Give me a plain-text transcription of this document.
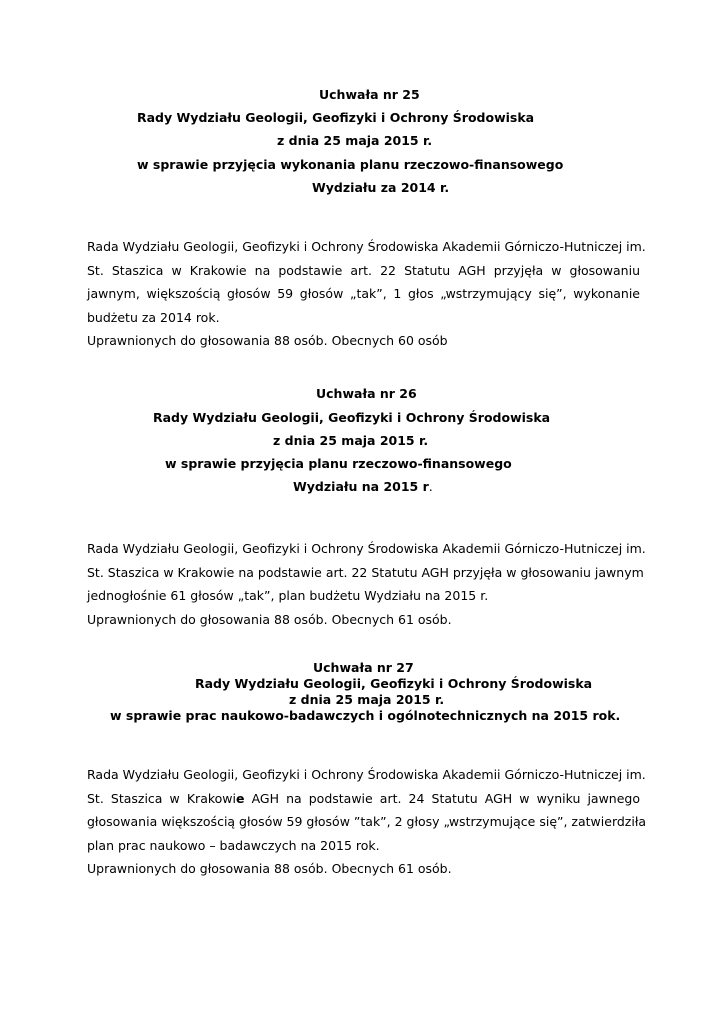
Uchwała nr 25
Rady Wydziału Geologii, Geofizyki i Ochrony Środowiska
z dnia 25 maja 2015 r.
w sprawie przyjęcia wykonania planu rzeczowo-finansowego
Wydziału za 2014 r.
Rada Wydziału Geologii, Geofizyki i Ochrony Środowiska Akademii Górniczo-Hutniczej im.
St. Staszica w Krakowie na podstawie art. 22 Statutu AGH przyjęła w głosowaniu
jawnym, większością głosów 59 głosów „tak”, 1 głos „wstrzymujący się”, wykonanie
budżetu za 2014 rok.
Uprawnionych do głosowania 88 osób. Obecnych 60 osób
Uchwała nr 26
Rady Wydziału Geologii, Geofizyki i Ochrony Środowiska
z dnia 25 maja 2015 r.
w sprawie przyjęcia planu rzeczowo-finansowego
Wydziału na 2015 r.
Rada Wydziału Geologii, Geofizyki i Ochrony Środowiska Akademii Górniczo-Hutniczej im.
St. Staszica w Krakowie na podstawie art. 22 Statutu AGH przyjęła w głosowaniu jawnym
jednogłośnie 61 głosów „tak”, plan budżetu Wydziału na 2015 r.
Uprawnionych do głosowania 88 osób. Obecnych 61 osób.
Uchwała nr 27
Rady Wydziału Geologii, Geofizyki i Ochrony Środowiska
z dnia 25 maja 2015 r.
w sprawie prac naukowo-badawczych i ogólnotechnicznych na 2015 rok.
Rada Wydziału Geologii, Geofizyki i Ochrony Środowiska Akademii Górniczo-Hutniczej im.
St. Staszica w Krakowie AGH na podstawie art. 24 Statutu AGH w wyniku jawnego
głosowania większością głosów 59 głosów ”tak”, 2 głosy „wstrzymujące się”, zatwierdziła
plan prac naukowo – badawczych na 2015 rok.
Uprawnionych do głosowania 88 osób. Obecnych 61 osób.
